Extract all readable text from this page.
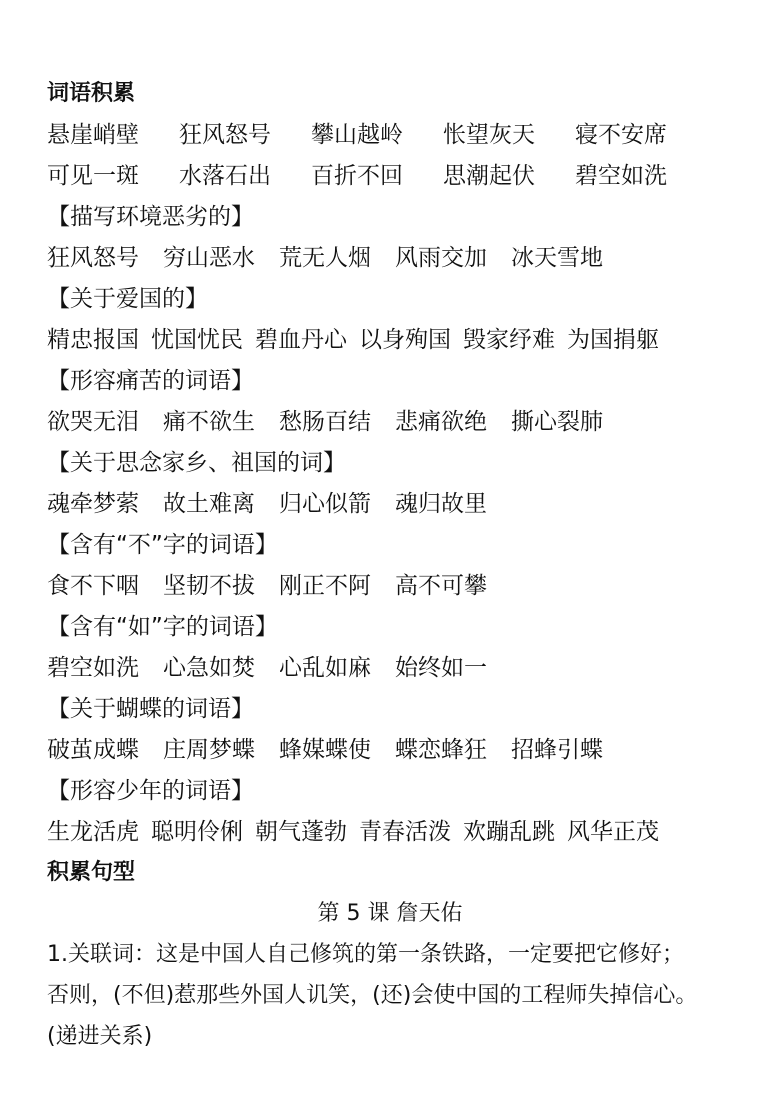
词语积累
悬崖峭壁 狂风怒号 攀山越岭 怅望灰天 寝不安席
可见一斑 水落石出 百折不回 思潮起伏 碧空如洗
【描写环境恶劣的】
狂风怒号 穷山恶水 荒无人烟 风雨交加 冰天雪地
【关于爱国的】
精忠报国 忧国忧民 碧血丹心 以身殉国 毁家纾难 为国捐躯
【形容痛苦的词语】
欲哭无泪 痛不欲生 愁肠百结 悲痛欲绝 撕心裂肺
【关于思念家乡、祖国的词】
魂牵梦萦 故土难离 归心似箭 魂归故里
【含有“不”字的词语】
食不下咽 坚韧不拔 刚正不阿 高不可攀
【含有“如”字的词语】
碧空如洗 心急如焚 心乱如麻 始终如一
【关于蝴蝶的词语】
破茧成蝶 庄周梦蝶 蜂媒蝶使 蝶恋蜂狂 招蜂引蝶
【形容少年的词语】
生龙活虎 聪明伶俐 朝气蓬勃 青春活泼 欢蹦乱跳 风华正茂
积累句型
第 5 课 詹天佑
1.关联词：这是中国人自己修筑的第一条铁路，一定要把它修好；
否则，(不但)惹那些外国人讥笑，(还)会使中国的工程师失掉信心。
(递进关系)
